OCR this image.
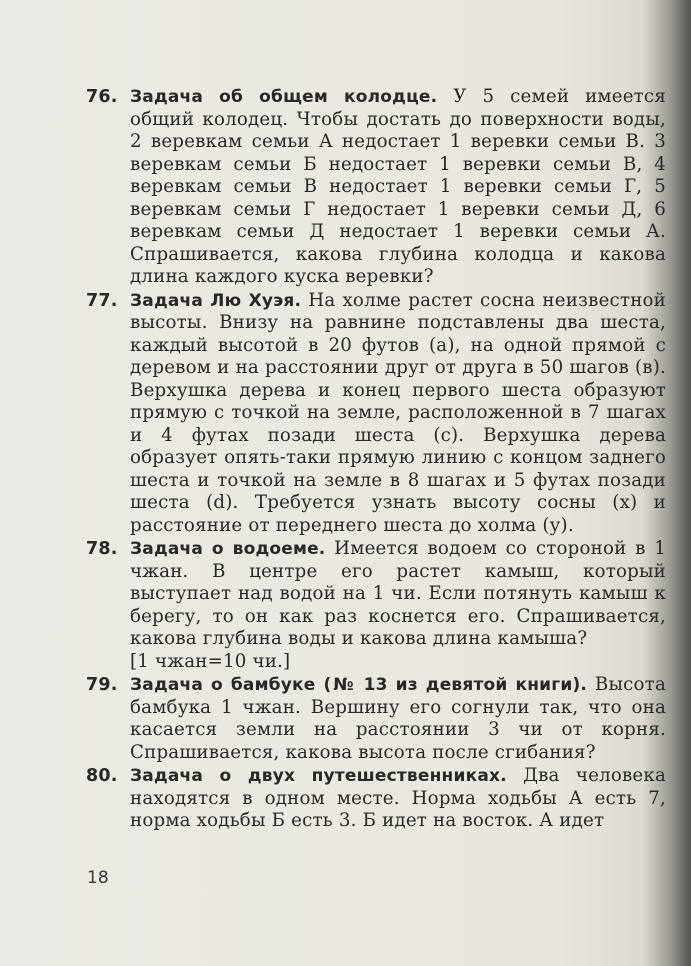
76. Задача об общем колодце. У 5 семей имеется общий колодец. Чтобы достать до поверхности воды, 2 веревкам семьи А недостает 1 веревки семьи В. 3 веревкам семьи Б недостает 1 веревки семьи В, 4 веревкам семьи В недостает 1 веревки семьи Г, 5 веревкам семьи Г недостает 1 веревки семьи Д, 6 веревкам семьи Д недостает 1 веревки семьи А. Спрашивается, какова глубина колодца и какова длина каждого куска веревки?
77. Задача Лю Хуэя. На холме растет сосна неизвестной высоты. Внизу на равнине подставлены два шеста, каждый высотой в 20 футов (а), на одной прямой с деревом и на расстоянии друг от друга в 50 шагов (в). Верхушка дерева и конец первого шеста образуют прямую с точкой на земле, расположенной в 7 шагах и 4 футах позади шеста (с). Верхушка дерева образует опять-таки прямую линию с концом заднего шеста и точкой на земле в 8 шагах и 5 футах позади шеста (d). Требуется узнать высоту сосны (х) и расстояние от переднего шеста до холма (у).
78. Задача о водоеме. Имеется водоем со стороной в 1 чжан. В центре его растет камыш, который выступает над водой на 1 чи. Если потянуть камыш к берегу, то он как раз коснется его. Спрашивается, какова глубина воды и какова длина камыша?
[1 чжан=10 чи.]
79. Задача о бамбуке (№ 13 из девятой книги). Высота бамбука 1 чжан. Вершину его согнули так, что она касается земли на расстоянии 3 чи от корня. Спрашивается, какова высота после сгибания?
80. Задача о двух путешественниках. Два человека находятся в одном месте. Норма ходьбы А есть 7, норма ходьбы Б есть 3. Б идет на восток. А идет
18
